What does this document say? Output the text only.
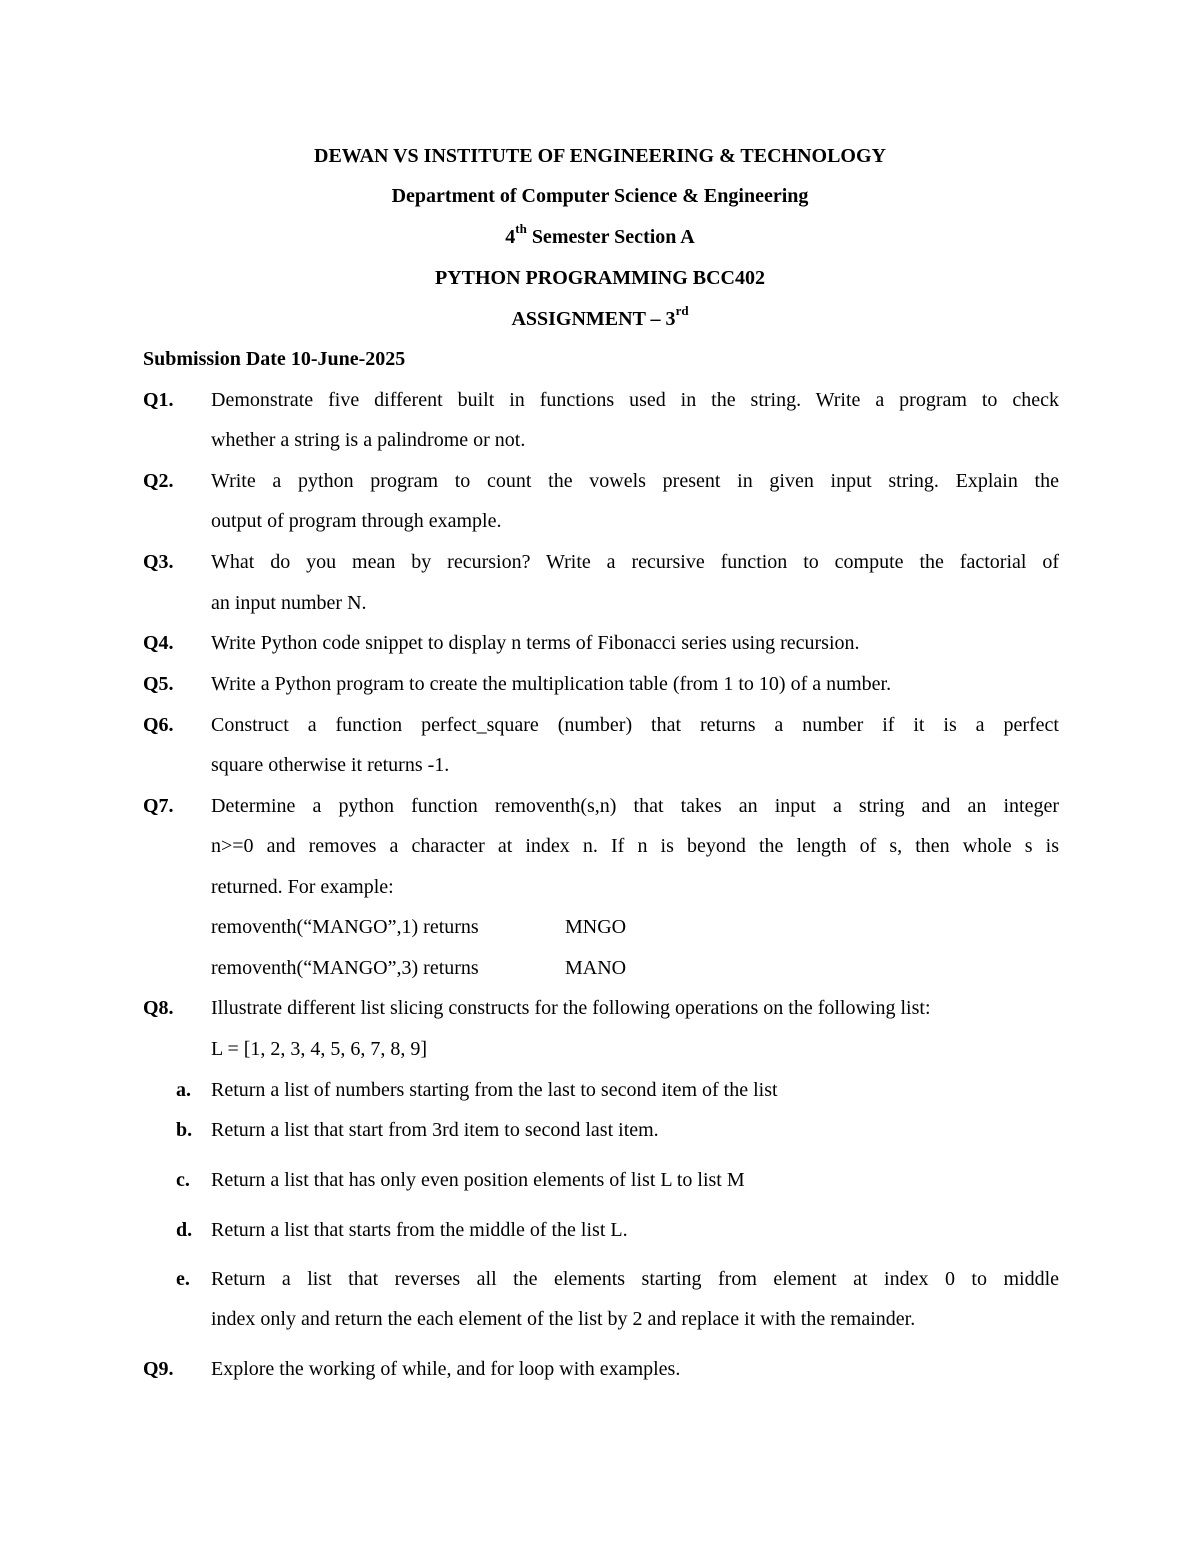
DEWAN VS INSTITUTE OF ENGINEERING & TECHNOLOGY
Department of Computer Science & Engineering
4th Semester Section A
PYTHON PROGRAMMING BCC402
ASSIGNMENT – 3rd
Submission Date 10-June-2025
Q1. Demonstrate five different built in functions used in the string. Write a program to check
whether a string is a palindrome or not.
Q2. Write a python program to count the vowels present in given input string. Explain the
output of program through example.
Q3. What do you mean by recursion? Write a recursive function to compute the factorial of
an input number N.
Q4. Write Python code snippet to display n terms of Fibonacci series using recursion.
Q5. Write a Python program to create the multiplication table (from 1 to 10) of a number.
Q6. Construct a function perfect_square (number) that returns a number if it is a perfect
square otherwise it returns -1.
Q7. Determine a python function removenth(s,n) that takes an input a string and an integer
n>=0 and removes a character at index n. If n is beyond the length of s, then whole s is
returned. For example:
removenth(“MANGO”,1) returns	MNGO
removenth(“MANGO”,3) returns	MANO
Q8. Illustrate different list slicing constructs for the following operations on the following list:
L = [1, 2, 3, 4, 5, 6, 7, 8, 9]
a. Return a list of numbers starting from the last to second item of the list
b. Return a list that start from 3rd item to second last item.
c. Return a list that has only even position elements of list L to list M
d. Return a list that starts from the middle of the list L.
e. Return a list that reverses all the elements starting from element at index 0 to middle
index only and return the each element of the list by 2 and replace it with the remainder.
Q9. Explore the working of while, and for loop with examples.
